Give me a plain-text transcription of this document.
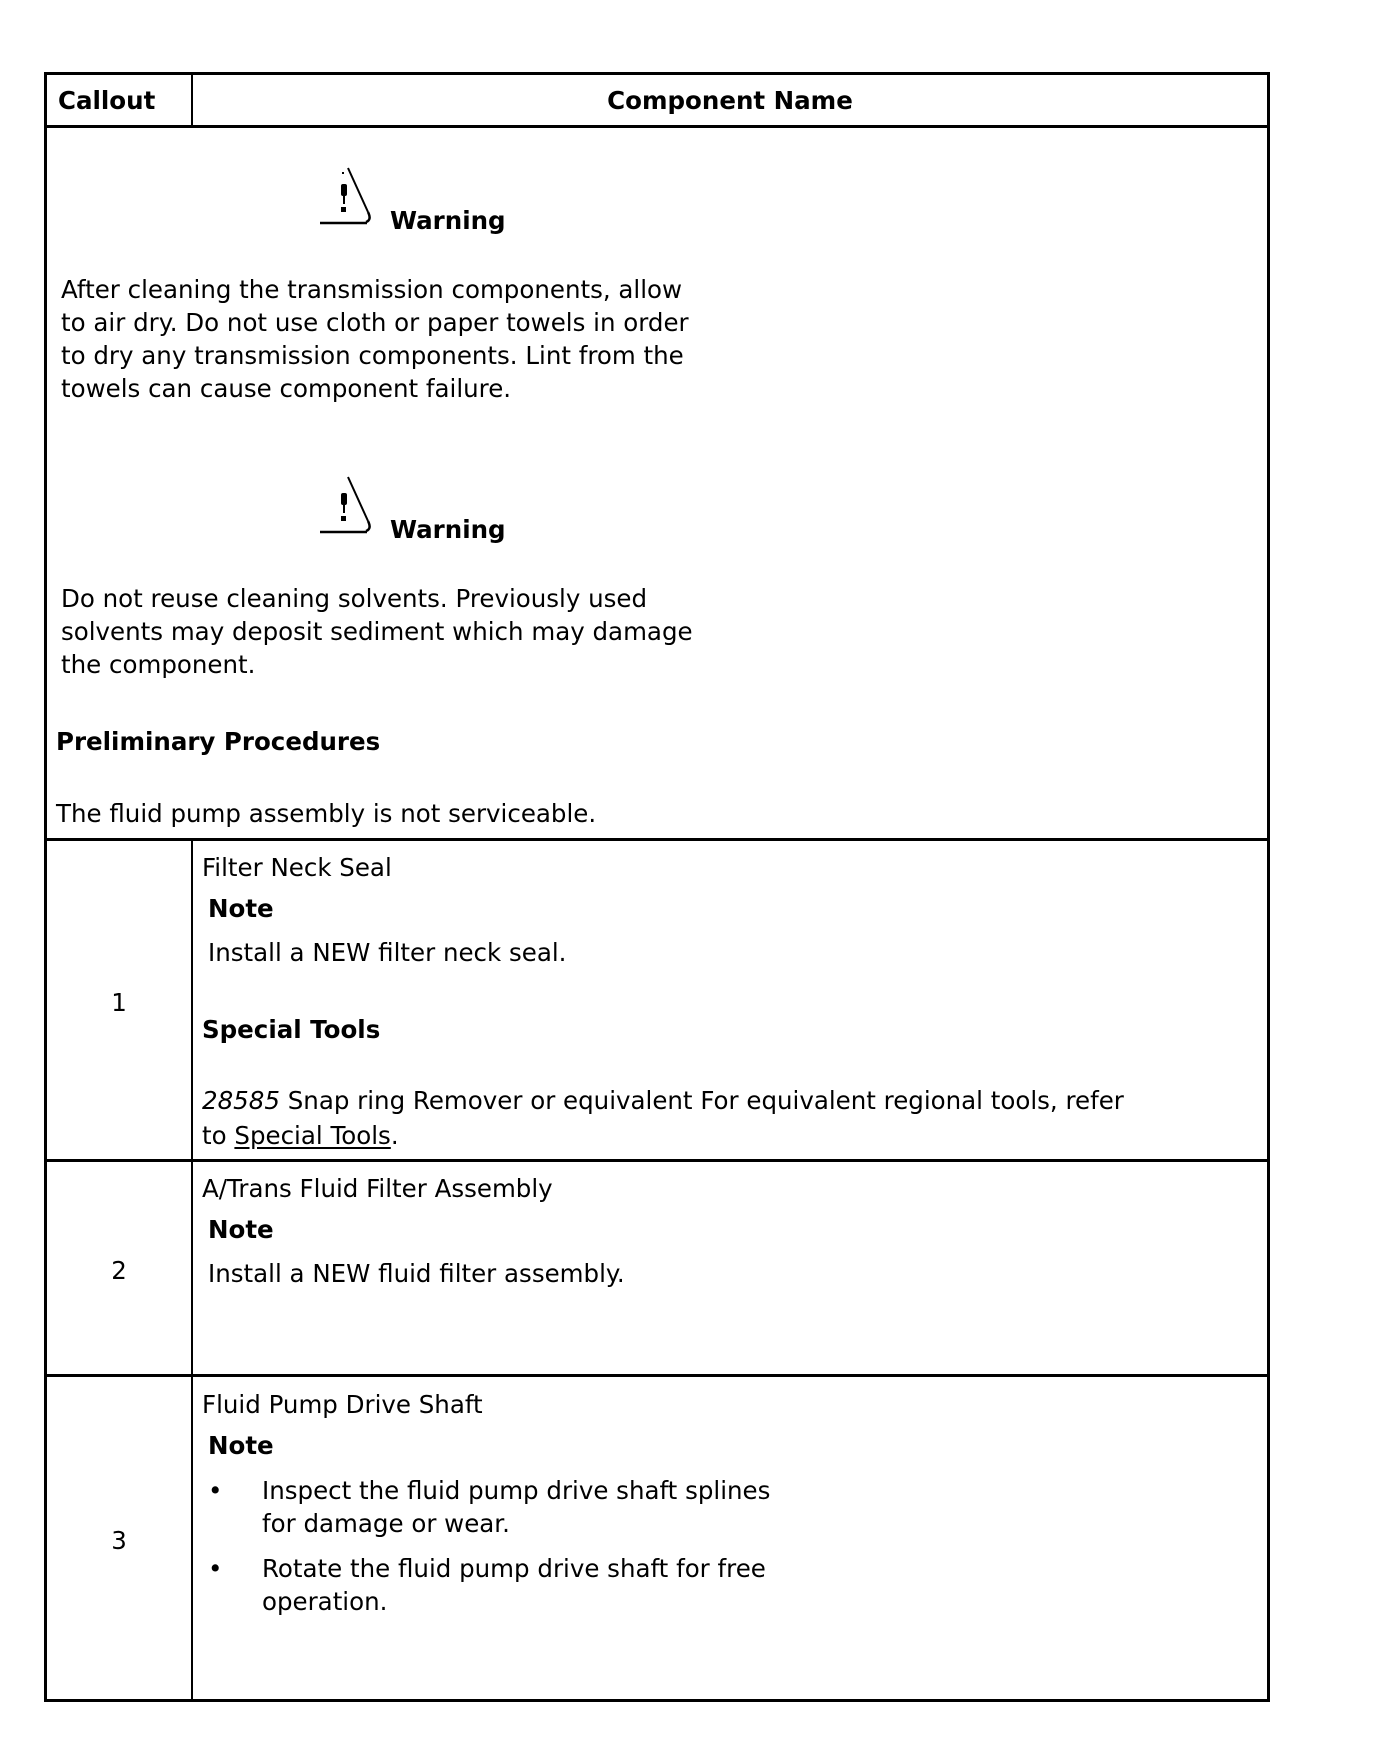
Callout	Component Name
Warning
After cleaning the transmission components, allow
to air dry. Do not use cloth or paper towels in order
to dry any transmission components. Lint from the
towels can cause component failure.
Warning
Do not reuse cleaning solvents. Previously used
solvents may deposit sediment which may damage
the component.
Preliminary Procedures
The fluid pump assembly is not serviceable.
1
Filter Neck Seal
Note
Install a NEW filter neck seal.
Special Tools
28585 Snap ring Remover or equivalent For equivalent regional tools, refer
to Special Tools.
2
A/Trans Fluid Filter Assembly
Note
Install a NEW fluid filter assembly.
3
Fluid Pump Drive Shaft
Note
• Inspect the fluid pump drive shaft splines
for damage or wear.
• Rotate the fluid pump drive shaft for free
operation.
